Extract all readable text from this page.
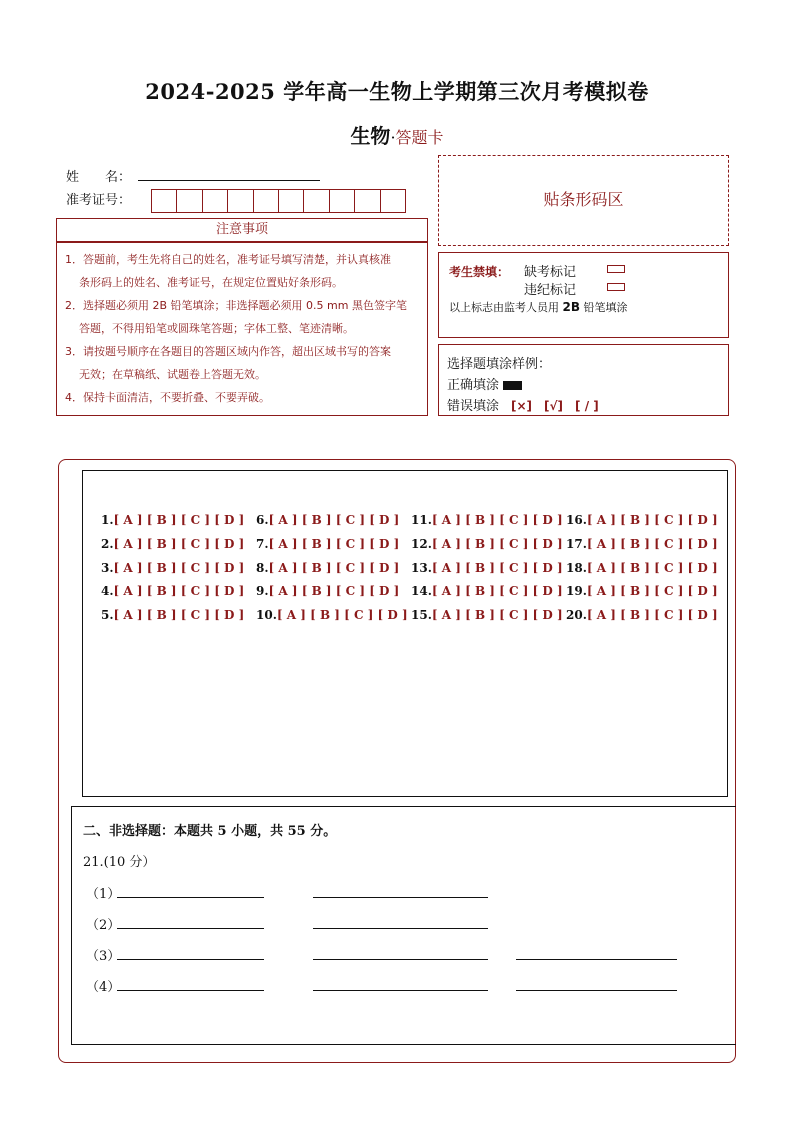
2024-2025 学年高一生物上学期第三次月考模拟卷
生物·答题卡
姓　　名：
准考证号：
注意事项
1．答题前，考生先将自己的姓名，准考证号填写清楚，并认真核准
条形码上的姓名、准考证号，在规定位置贴好条形码。
2．选择题必须用 2B 铅笔填涂；非选择题必须用 0.5 mm 黑色签字笔
答题，不得用铅笔或圆珠笔答题；字体工整、笔迹清晰。
3．请按题号顺序在各题目的答题区域内作答，超出区域书写的答案
无效；在草稿纸、试题卷上答题无效。
4．保持卡面清洁，不要折叠、不要弄破。
贴条形码区
考生禁填： 缺考标记
违纪标记
以上标志由监考人员用 2B 铅笔填涂
选择题填涂样例：
正确填涂
错误填涂 [×] [√] [ / ]
1.[ A ] [ B ] [ C ] [ D ]
2.[ A ] [ B ] [ C ] [ D ]
3.[ A ] [ B ] [ C ] [ D ]
4.[ A ] [ B ] [ C ] [ D ]
5.[ A ] [ B ] [ C ] [ D ]
6.[ A ] [ B ] [ C ] [ D ]
7.[ A ] [ B ] [ C ] [ D ]
8.[ A ] [ B ] [ C ] [ D ]
9.[ A ] [ B ] [ C ] [ D ]
10.[ A ] [ B ] [ C ] [ D ]
11.[ A ] [ B ] [ C ] [ D ]
12.[ A ] [ B ] [ C ] [ D ]
13.[ A ] [ B ] [ C ] [ D ]
14.[ A ] [ B ] [ C ] [ D ]
15.[ A ] [ B ] [ C ] [ D ]
16.[ A ] [ B ] [ C ] [ D ]
17.[ A ] [ B ] [ C ] [ D ]
18.[ A ] [ B ] [ C ] [ D ]
19.[ A ] [ B ] [ C ] [ D ]
20.[ A ] [ B ] [ C ] [ D ]
二、非选择题：本题共 5 小题，共 55 分。
21.(10 分）
（1）
（2）
（3）
（4）
